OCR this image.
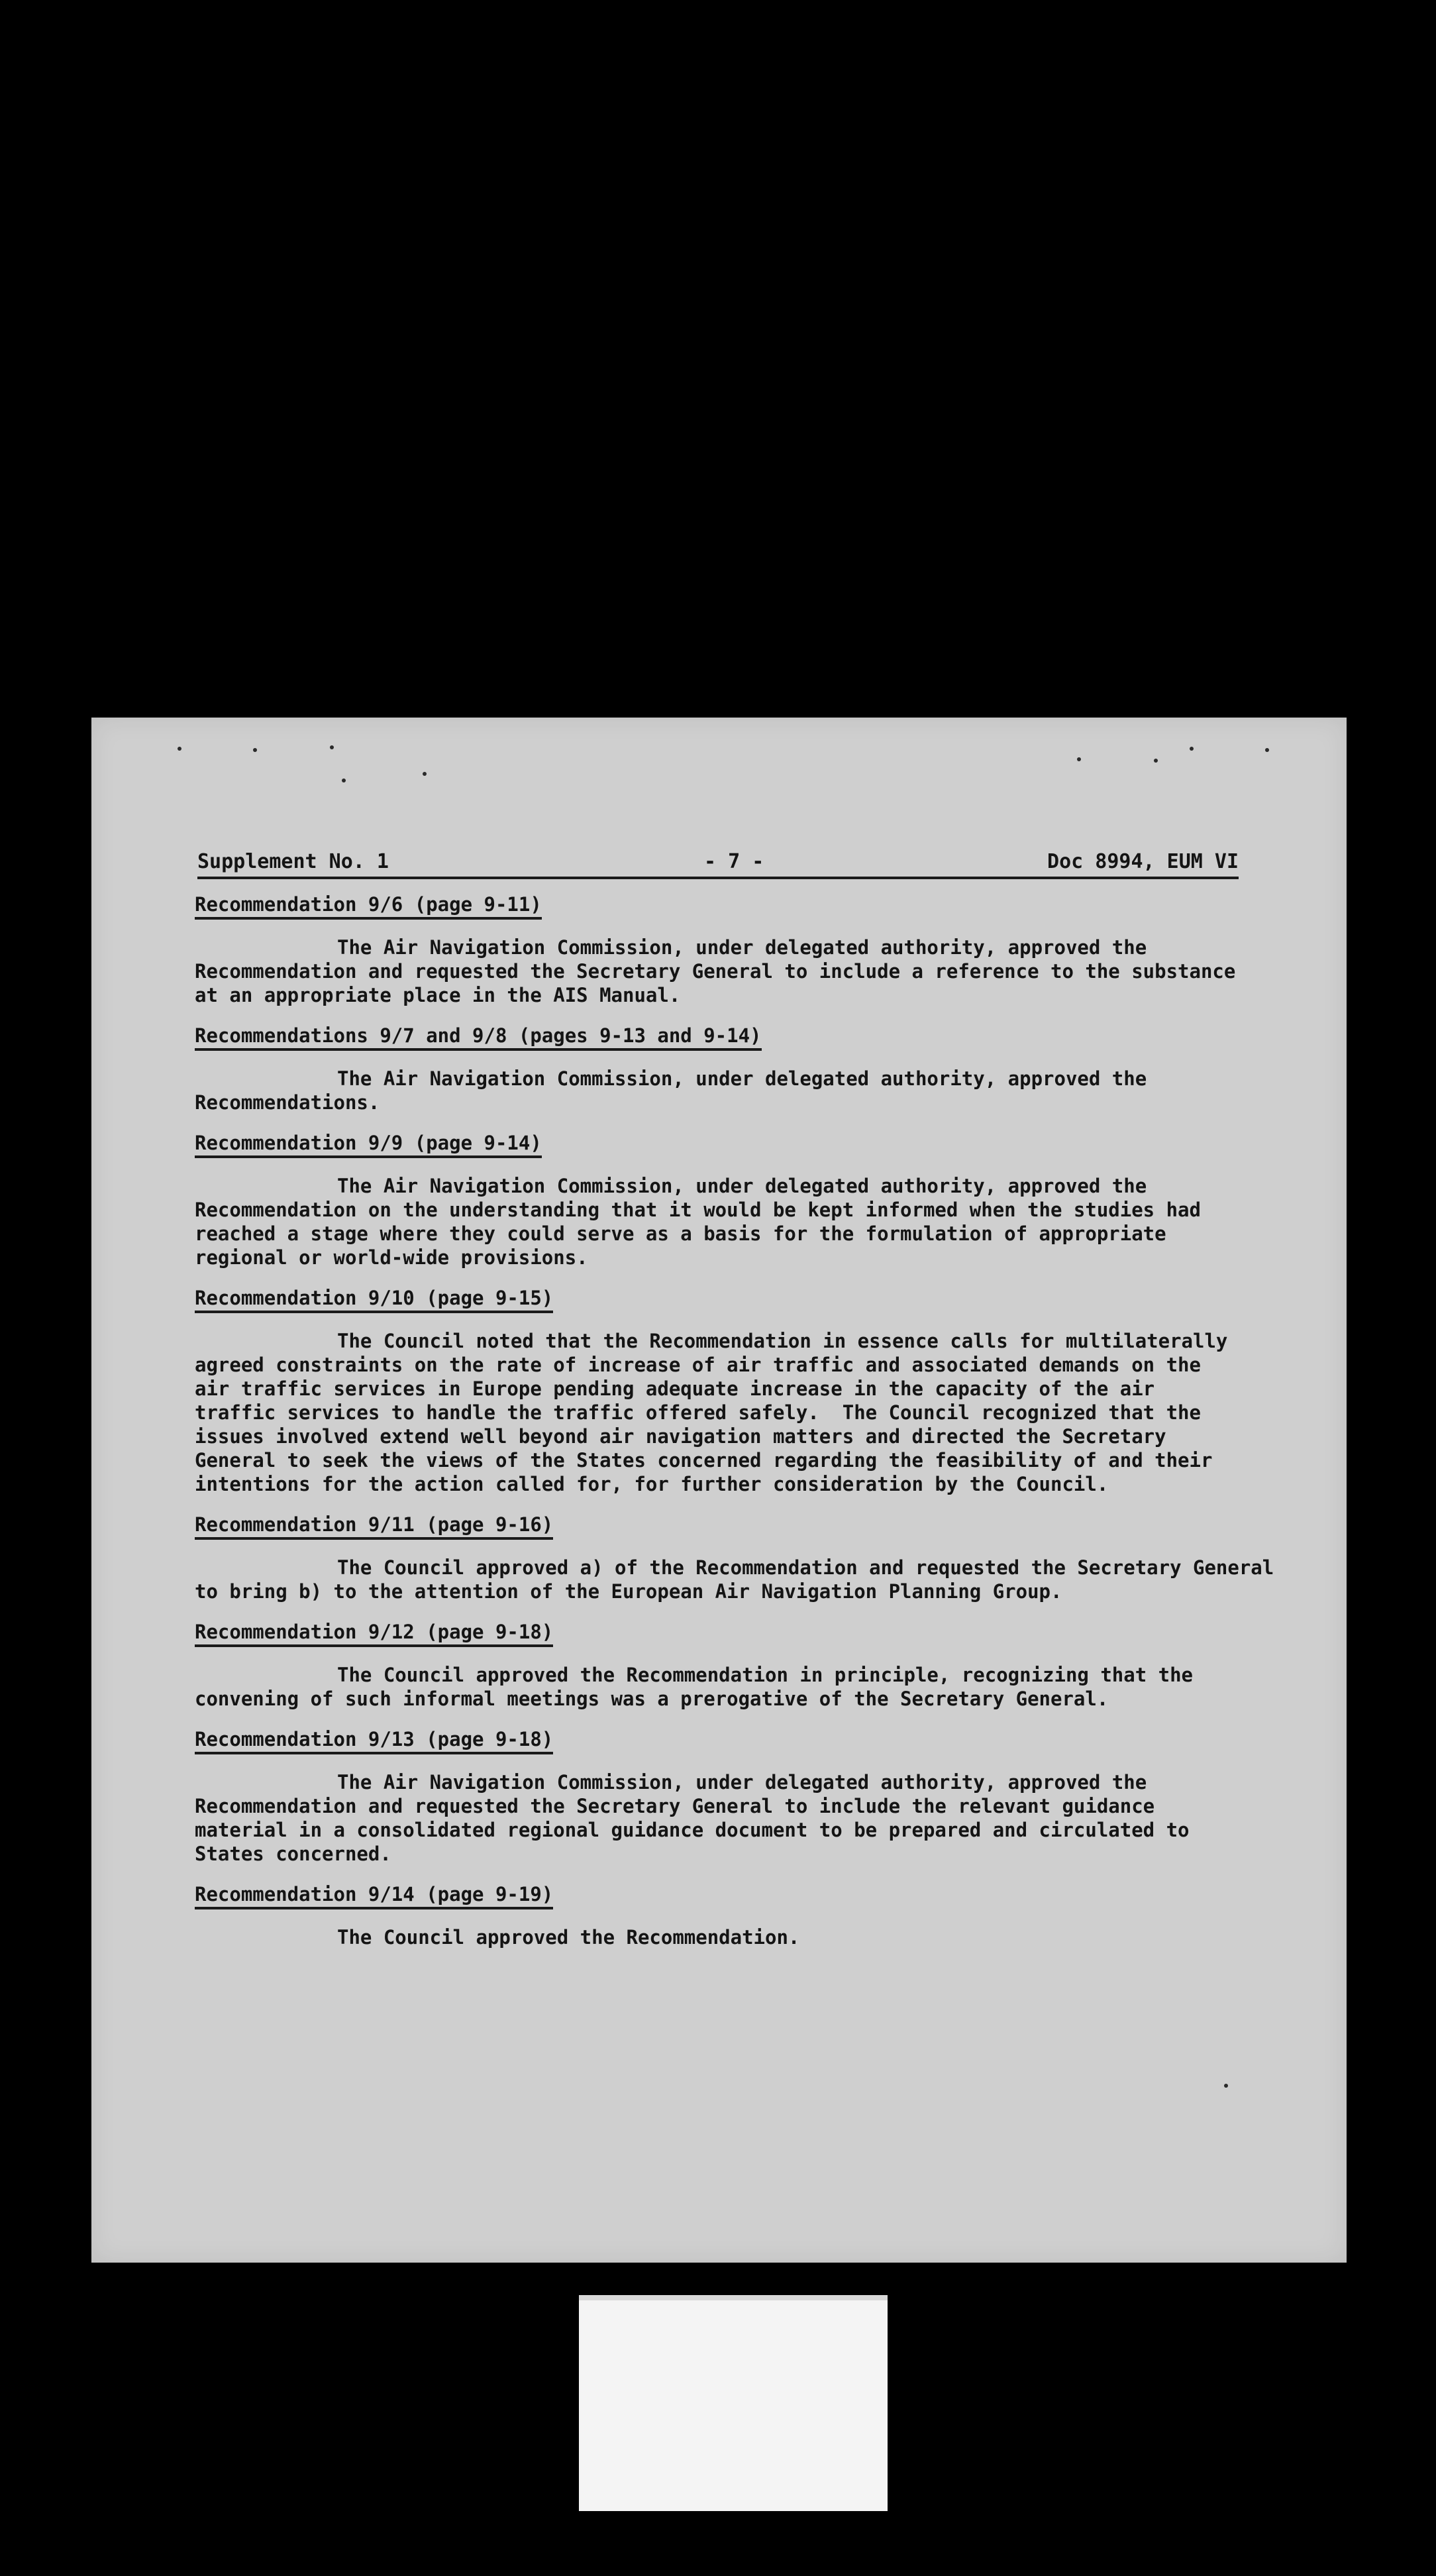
Supplement No. 1	- 7 -	Doc 8994, EUM VI
Recommendation 9/6 (page 9-11)

The Air Navigation Commission, under delegated authority, approved the
Recommendation and requested the Secretary General to include a reference to the substance
at an appropriate place in the AIS Manual.

Recommendations 9/7 and 9/8 (pages 9-13 and 9-14)

The Air Navigation Commission, under delegated authority, approved the
Recommendations.

Recommendation 9/9 (page 9-14)

The Air Navigation Commission, under delegated authority, approved the
Recommendation on the understanding that it would be kept informed when the studies had
reached a stage where they could serve as a basis for the formulation of appropriate
regional or world-wide provisions.

Recommendation 9/10 (page 9-15)

The Council noted that the Recommendation in essence calls for multilaterally
agreed constraints on the rate of increase of air traffic and associated demands on the
air traffic services in Europe pending adequate increase in the capacity of the air
traffic services to handle the traffic offered safely.  The Council recognized that the
issues involved extend well beyond air navigation matters and directed the Secretary
General to seek the views of the States concerned regarding the feasibility of and their
intentions for the action called for, for further consideration by the Council.

Recommendation 9/11 (page 9-16)

The Council approved a) of the Recommendation and requested the Secretary General
to bring b) to the attention of the European Air Navigation Planning Group.

Recommendation 9/12 (page 9-18)

The Council approved the Recommendation in principle, recognizing that the
convening of such informal meetings was a prerogative of the Secretary General.

Recommendation 9/13 (page 9-18)

The Air Navigation Commission, under delegated authority, approved the
Recommendation and requested the Secretary General to include the relevant guidance
material in a consolidated regional guidance document to be prepared and circulated to
States concerned.

Recommendation 9/14 (page 9-19)

The Council approved the Recommendation.
